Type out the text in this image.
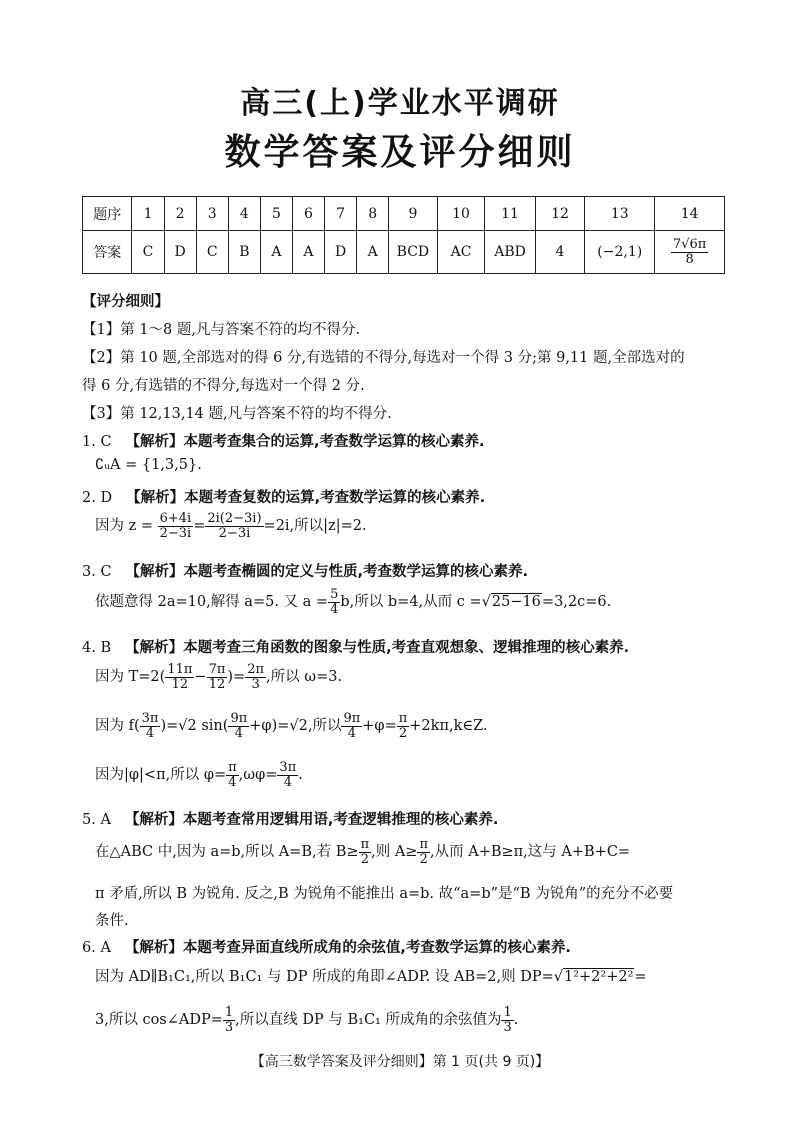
高三(上)学业水平调研
数学答案及评分细则
题序	1	2	3	4	5	6	7	8	9	10	11	12	13	14
答案	C	D	C	B	A	A	D	A	BCD	AC	ABD	4	(−2,1)	$\frac{7√6\pi}{8}$
【评分细则】
【1】第 1～8 题,凡与答案不符的均不得分.
【2】第 10 题,全部选对的得 6 分,有选错的不得分,每选对一个得 3 分;第 9,11 题,全部选对的
得 6 分,有选错的不得分,每选对一个得 2 分.
【3】第 12,13,14 题,凡与答案不符的均不得分.
1. C 【解析】本题考查集合的运算,考查数学运算的核心素养.
∁ᵤA = {1,3,5}.
2. D 【解析】本题考查复数的运算,考查数学运算的核心素养.
因为 $z = \frac{6+4i}{2-3i} = \frac{2i(2-3i)}{2-3i} =2i$,所以|z|=2.
3. C 【解析】本题考查椭圆的定义与性质,考查数学运算的核心素养.
依题意得 2a=10,解得 a=5. 又 $a = \frac{5}{4} b$,所以 b=4,从而 c =√25−16=3,2c=6.
4. B 【解析】本题考查三角函数的图象与性质,考查直观想象、逻辑推理的核心素养.
因为 $T=2( \frac{11\pi}{12} - \frac{7\pi}{12}$ )= $\frac{2\pi}{3}$ ,所以 ω=3.
因为 $f( \frac{3\pi}{4} )=√2$ $\sin( \frac{9\pi}{4} +\varphi)=√2$,所以 $\frac{9\pi}{4} +\varphi= \frac{\pi}{2}$ +2kπ,k∈Z.
因为|φ|<π,所以 $\varphi= \frac{\pi}{4} ,\omega\varphi= \frac{3\pi}{4}$ .
5. A 【解析】本题考查常用逻辑用语,考查逻辑推理的核心素养.
在△ABC 中,因为 a=b,所以 A=B,若 $B\ge \frac{\pi}{2}$ ,则 $A\ge \frac{\pi}{2}$ ,从而 A+B≥π,这与 A+B+C=
π 矛盾,所以 B 为锐角. 反之,B 为锐角不能推出 a=b. 故“a=b”是“B 为锐角”的充分不必要
条件.
6. A 【解析】本题考查异面直线所成角的余弦值,考查数学运算的核心素养.
因为 AD∥B₁C₁,所以 B₁C₁ 与 DP 所成的角即∠ADP. 设 AB=2,则 DP=√1²+2²+2²=
3,所以 cos∠ADP= $\frac{1}{3}$ ,所以直线 DP 与 B₁C₁ 所成角的余弦值为 $\frac{1}{3}$ .
【高三数学答案及评分细则】第 1 页(共 9 页)】
